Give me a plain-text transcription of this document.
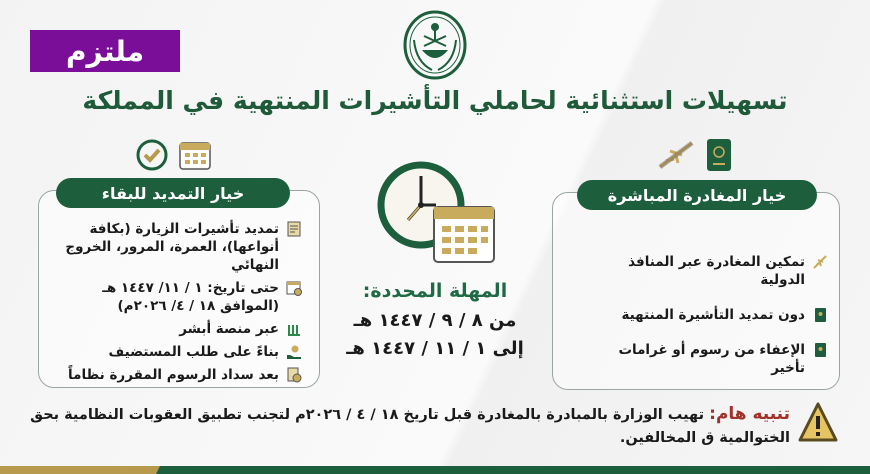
ملتزم
تسهيلات استثنائية لحاملي التأشيرات المنتهية في المملكة
خيار التمديد للبقاء
تمديد تأشيرات الزيارة (بكافة أنواعها)، العمرة، المرور، الخروج النهائي
حتى تاريخ: ١ / ١١/ ١٤٤٧ هـ (الموافق ١٨ / ٤/ ٢٠٢٦م)
عبر منصة أبشر
بناءً على طلب المستضيف
بعد سداد الرسوم المقررة نظاماً
المهلة المحددة:
من ٨ / ٩ / ١٤٤٧ هـ
إلى ١ / ١١ / ١٤٤٧ هـ
خيار المغادرة المباشرة
تمكين المغادرة عبر المنافذ الدولية
دون تمديد التأشيرة المنتهية
الإعفاء من رسوم أو غرامات تأخير
تنبيه هام: تهيب الوزارة بالمبادرة بالمغادرة قبل تاريخ ١٨ / ٤ / ٢٠٢٦م لتجنب تطبيق العقوبات النظامية بحق الختوالمية ق المخالفين.
